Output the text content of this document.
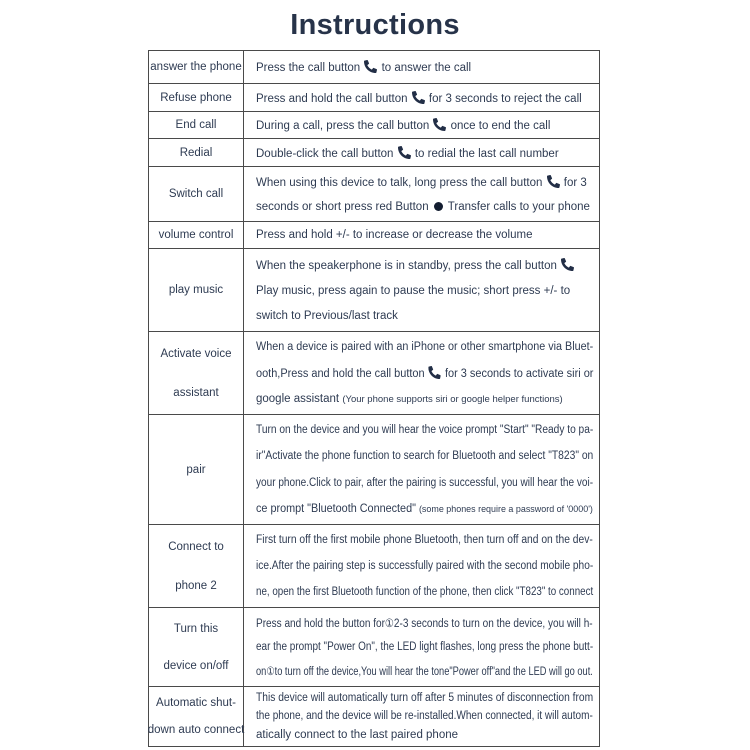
Instructions
answer the phone Press the call button
to answer the call
Refuse phone Press and hold the call button
for 3 seconds to reject the call
End call	During a call, press the call button
once to end the call
Redial	Double-click the call button
to redial the last call number
Switch call
When using this device to talk, long press the call button
for 3
seconds or short press red Button  Transfer calls to your phone
volume control Press and hold +/- to increase or decrease the volume
play music
When the speakerphone is in standby, press the call button
Play music, press again to pause the music; short press +/- to
switch to Previous/last track
Activate voice
assistant
When a device is paired with an iPhone or other smartphone via Bluet-
ooth,Press and hold the call button
for 3 seconds to activate siri or
google assistant (Your phone supports siri or google helper functions)
pair
Turn on the device and you will hear the voice prompt "Start" "Ready to pa-
ir"Activate the phone function to search for Bluetooth and select "T823" on
your phone.Click to pair, after the pairing is successful, you will hear the voi-
ce prompt "Bluetooth Connected" (some phones require a password of '0000')
Connect to
phone 2
First turn off the first mobile phone Bluetooth, then turn off and on the dev-
ice.After the pairing step is successfully paired with the second mobile pho-
ne, open the first Bluetooth function of the phone, then click "T823" to connect
Turn this
device on/off
Press and hold the button for①2-3 seconds to turn on the device, you will h-
ear the prompt "Power On", the LED light flashes, long press the phone butt-
on①to turn off the device,You will hear the tone"Power off"and the LED will go out.
Automatic shut-
down auto connect
This device will automatically turn off after 5 minutes of disconnection from
the phone, and the device will be re-installed.When connected, it will autom-
atically connect to the last paired phone
